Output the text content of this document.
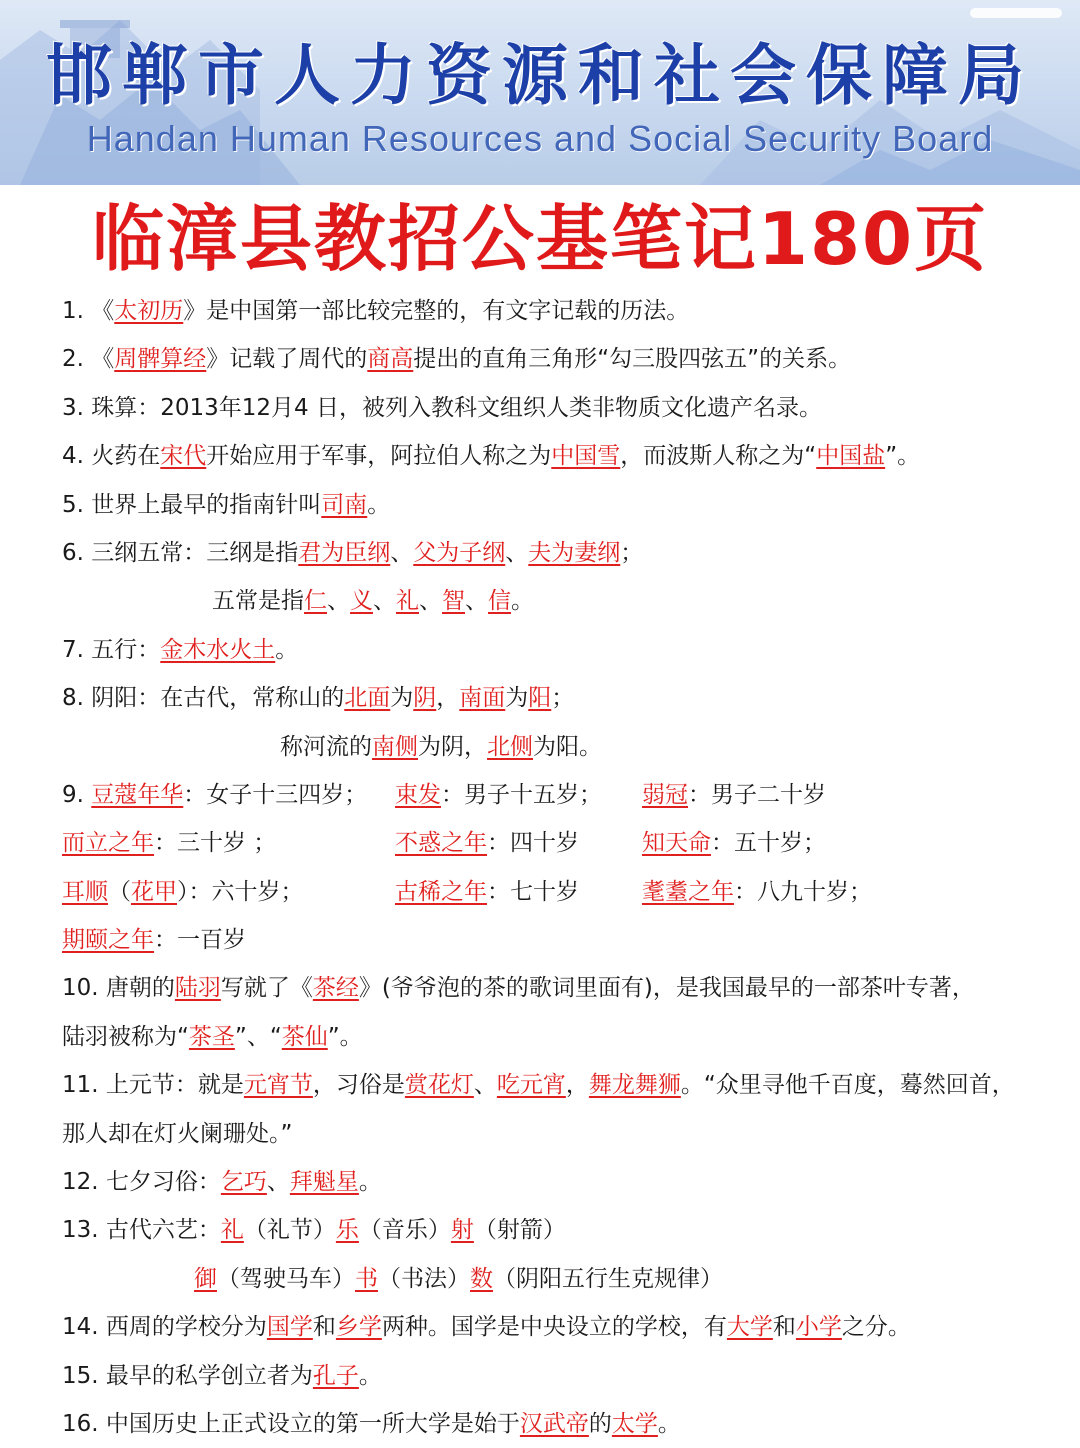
邯郸市人力资源和社会保障局
Handan Human Resources and Social Security Board
临漳县教招公基笔记180页
1. 《太初历》是中国第一部比较完整的，有文字记载的历法。
2. 《周髀算经》记载了周代的商高提出的直角三角形“勾三股四弦五”的关系。
3. 珠算：2013年12月4 日，被列入教科文组织人类非物质文化遗产名录。
4. 火药在宋代开始应用于军事，阿拉伯人称之为中国雪，而波斯人称之为“中国盐”。
5. 世界上最早的指南针叫司南。
6. 三纲五常：三纲是指君为臣纲、父为子纲、夫为妻纲；
五常是指仁、义、礼、智、信。
7. 五行：金木水火土。
8. 阴阳：在古代，常称山的北面为阴，南面为阳；
称河流的南侧为阴，北侧为阳。
9. 豆蔻年华：女子十三四岁； 束发：男子十五岁； 弱冠：男子二十岁
而立之年：三十岁 ；	不惑之年：四十岁	知天命：五十岁；
耳顺（花甲）：六十岁；	古稀之年：七十岁	耄耋之年：八九十岁；
期颐之年：一百岁
10. 唐朝的陆羽写就了《茶经》(爷爷泡的茶的歌词里面有)，是我国最早的一部茶叶专著，
陆羽被称为“茶圣”、“茶仙”。
11. 上元节：就是元宵节，习俗是赏花灯、吃元宵，舞龙舞狮。“众里寻他千百度，蓦然回首，
那人却在灯火阑珊处。”
12. 七夕习俗：乞巧、拜魁星。
13. 古代六艺：礼（礼节）乐（音乐）射（射箭）
御（驾驶马车）书（书法）数（阴阳五行生克规律）
14. 西周的学校分为国学和乡学两种。国学是中央设立的学校，有大学和小学之分。
15. 最早的私学创立者为孔子。
16. 中国历史上正式设立的第一所大学是始于汉武帝的太学。
